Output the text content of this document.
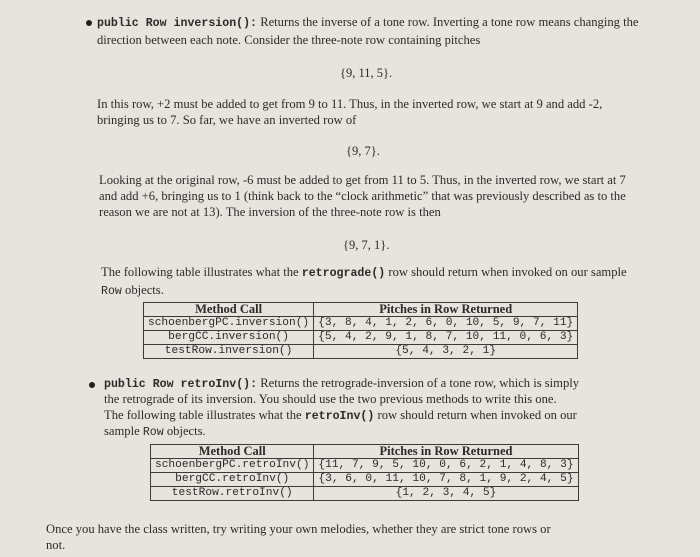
public Row inversion(): Returns the inverse of a tone row. Inverting a tone row means changing the direction between each note. Consider the three-note row containing pitches

{9, 11, 5}.

In this row, +2 must be added to get from 9 to 11. Thus, in the inverted row, we start at 9 and add -2, bringing us to 7. So far, we have an inverted row of

{9, 7}.

Looking at the original row, -6 must be added to get from 11 to 5. Thus, in the inverted row, we start at 7 and add +6, bringing us to 1 (think back to the “clock arithmetic” that was previously described as to the reason we are not at 13). The inversion of the three-note row is then

{9, 7, 1}.

The following table illustrates what the retrograde() row should return when invoked on our sample Row objects.

Method Call	Pitches in Row Returned
schoenbergPC.inversion()	{3, 8, 4, 1, 2, 6, 0, 10, 5, 9, 7, 11}
bergCC.inversion()	{5, 4, 2, 9, 1, 8, 7, 10, 11, 0, 6, 3}
testRow.inversion()	{5, 4, 3, 2, 1}

public Row retroInv(): Returns the retrograde-inversion of a tone row, which is simply

the retrograde of its inversion. You should use the two previous methods to write this one.

The following table illustrates what the retroInv() row should return when invoked on our

sample Row objects.

Method Call	Pitches in Row Returned
schoenbergPC.retroInv()	{11, 7, 9, 5, 10, 0, 6, 2, 1, 4, 8, 3}
bergCC.retroInv()	{3, 6, 0, 11, 10, 7, 8, 1, 9, 2, 4, 5}
testRow.retroInv()	{1, 2, 3, 4, 5}

Once you have the class written, try writing your own melodies, whether they are strict tone rows or

not.
